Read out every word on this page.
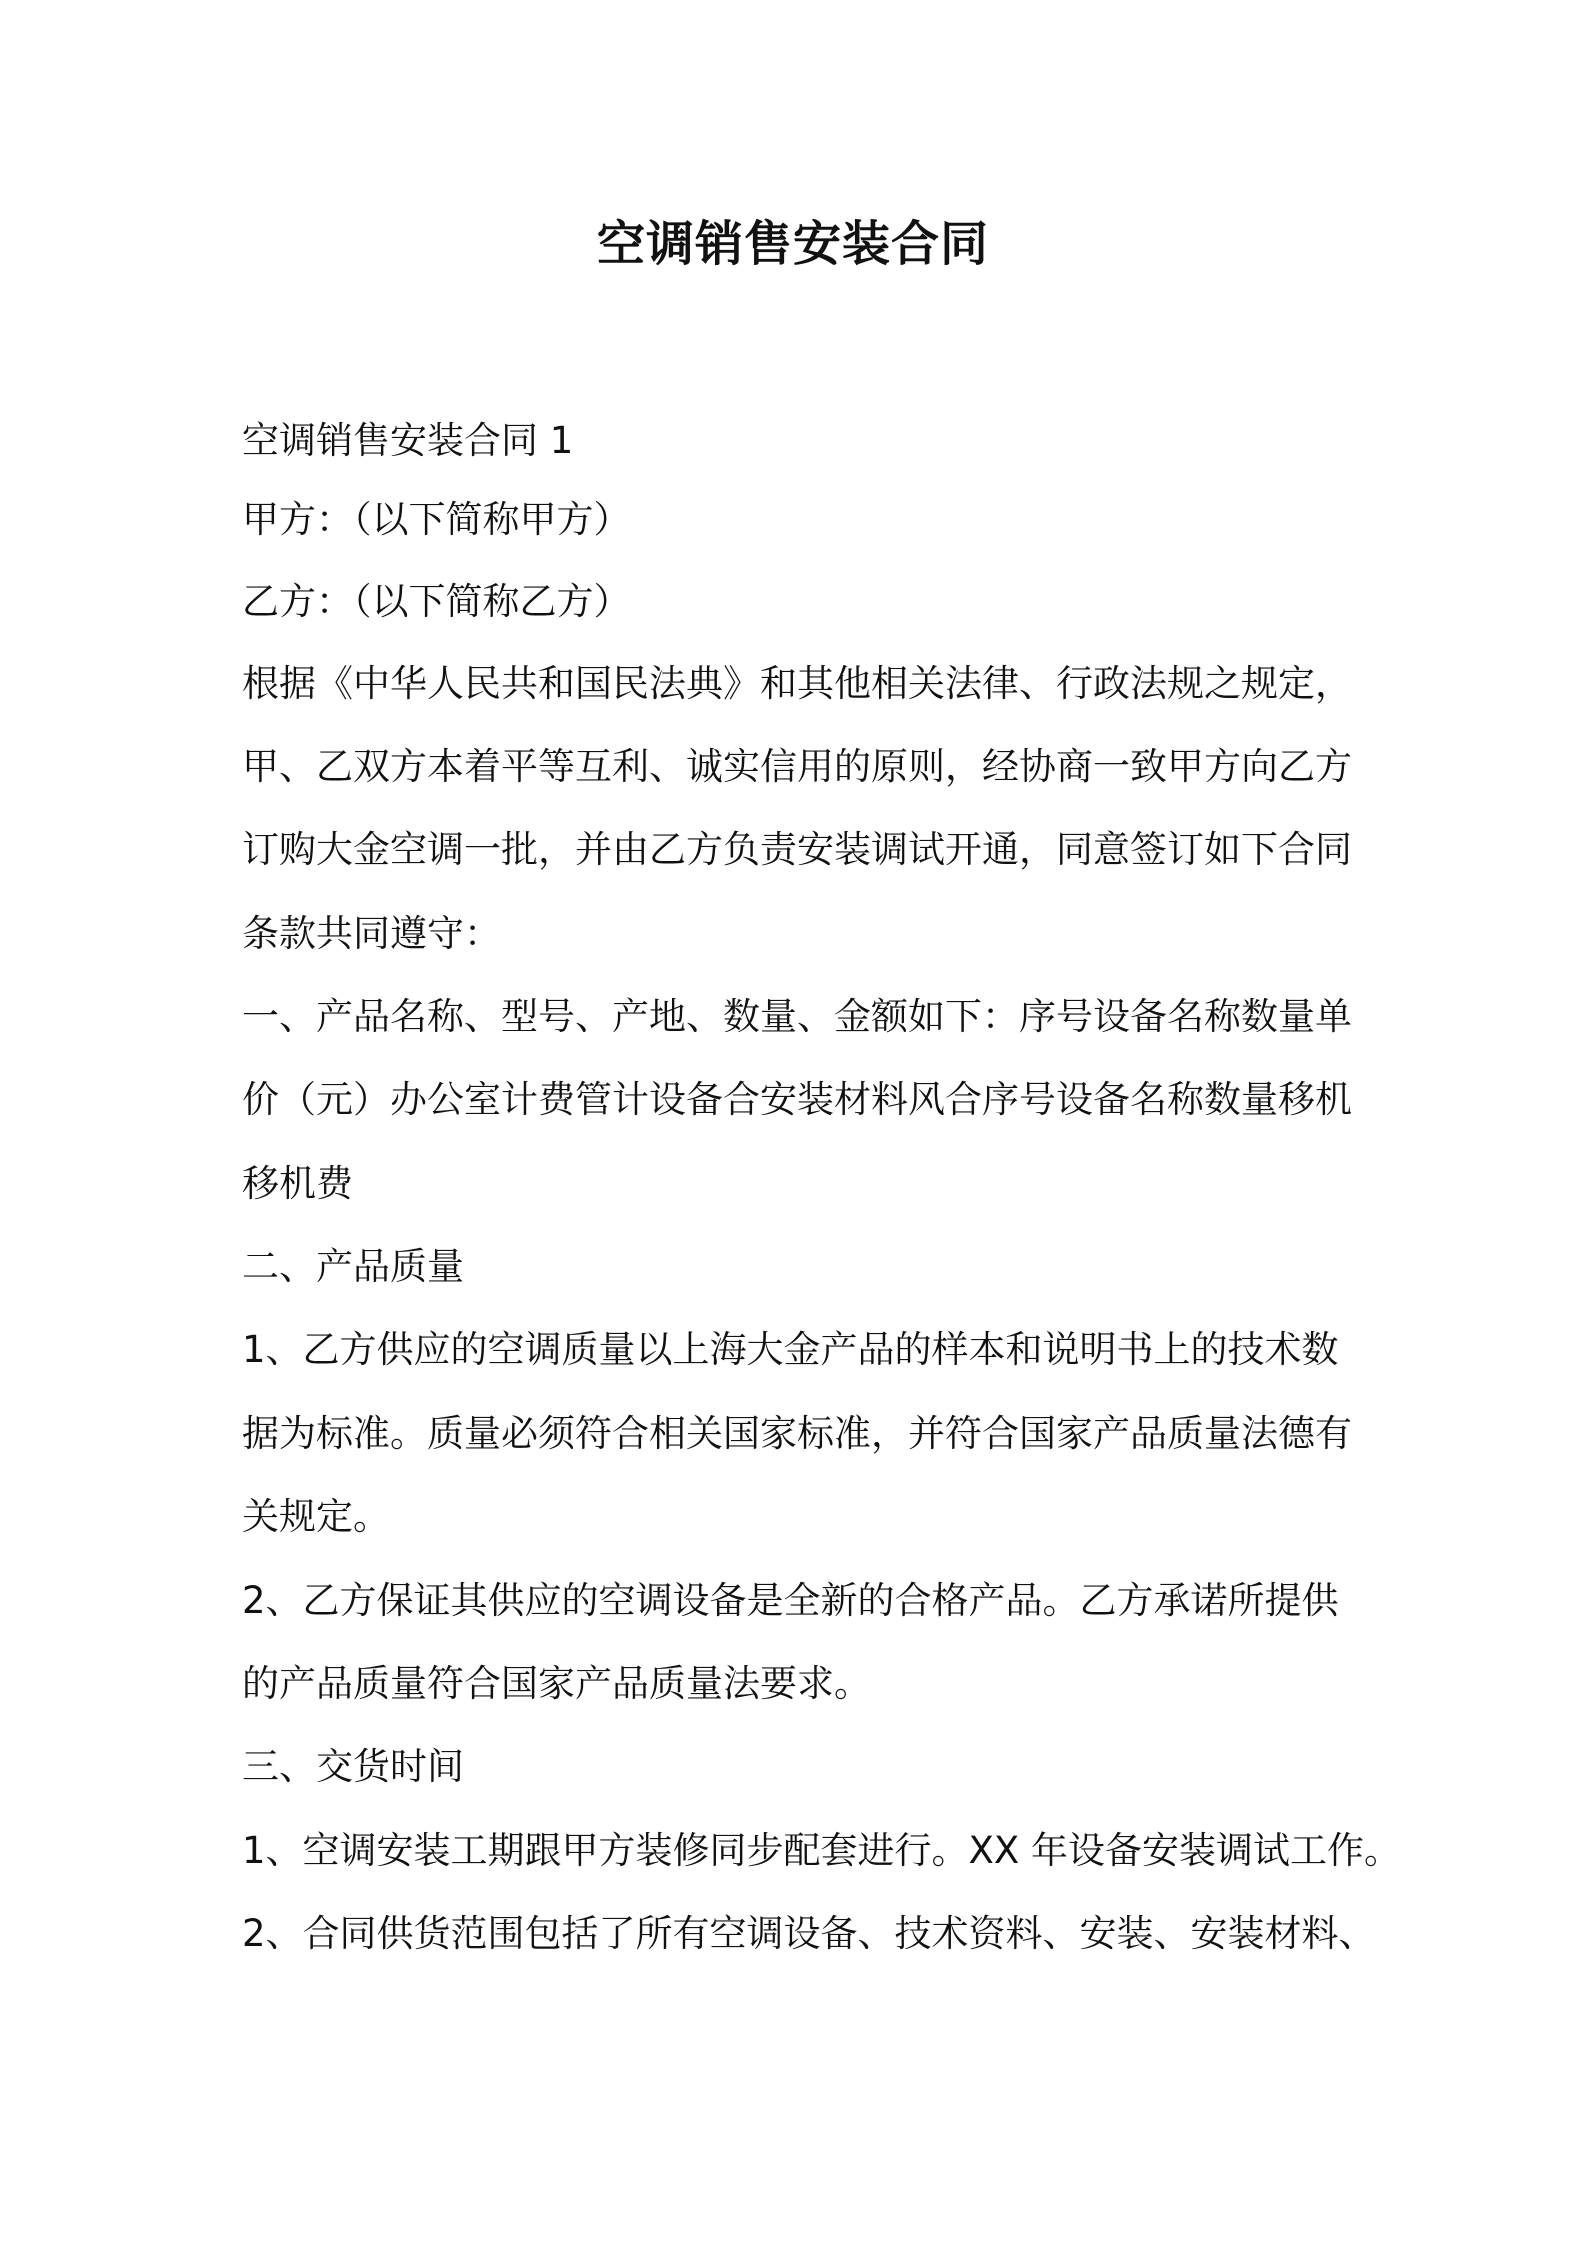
空调销售安装合同
空调销售安装合同 1
甲方：（以下简称甲方）
乙方：（以下简称乙方）
根据《中华人民共和国民法典》和其他相关法律、行政法规之规定，
甲、乙双方本着平等互利、诚实信用的原则，经协商一致甲方向乙方
订购大金空调一批，并由乙方负责安装调试开通，同意签订如下合同
条款共同遵守：
一、产品名称、型号、产地、数量、金额如下：序号设备名称数量单
价（元）办公室计费管计设备合安装材料风合序号设备名称数量移机
移机费
二、产品质量
1、乙方供应的空调质量以上海大金产品的样本和说明书上的技术数
据为标准。质量必须符合相关国家标准，并符合国家产品质量法德有
关规定。
2、乙方保证其供应的空调设备是全新的合格产品。乙方承诺所提供
的产品质量符合国家产品质量法要求。
三、交货时间
1、空调安装工期跟甲方装修同步配套进行。XX 年设备安装调试工作。
2、合同供货范围包括了所有空调设备、技术资料、安装、安装材料、
